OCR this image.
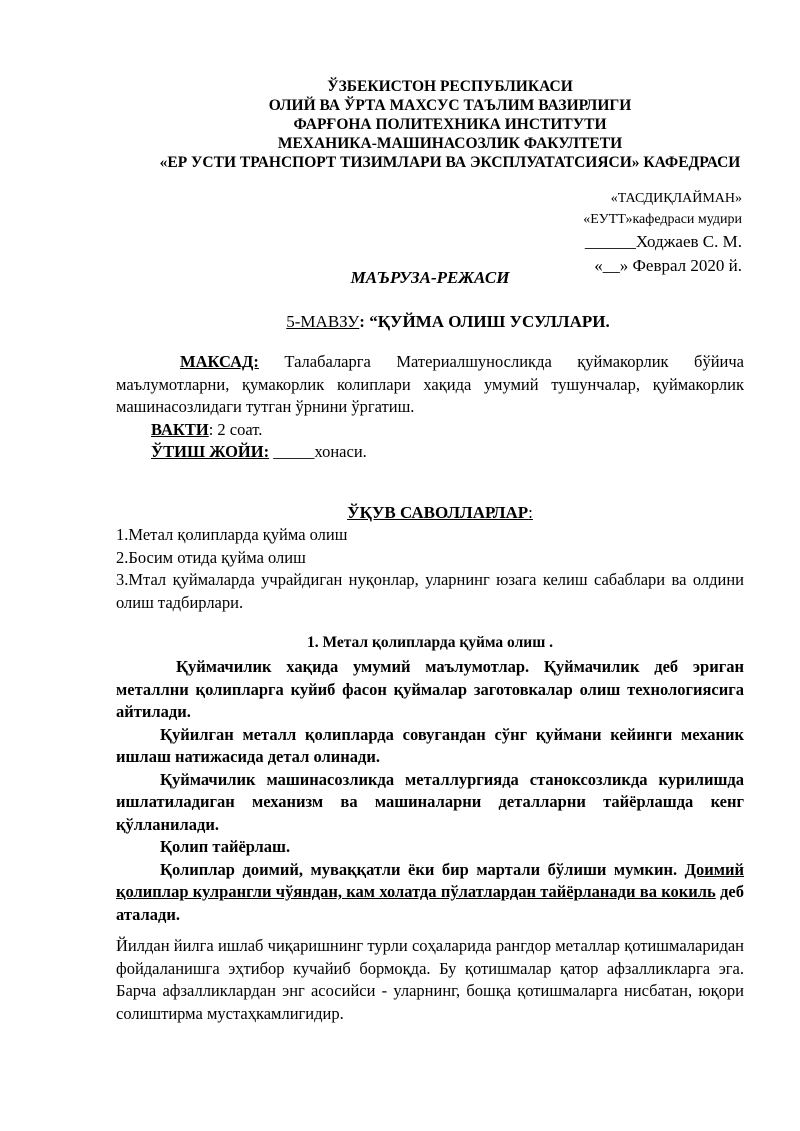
ЎЗБЕКИСТОН РЕСПУБЛИКАСИ
ОЛИЙ ВА ЎРТА МАХСУС ТАЪЛИМ ВАЗИРЛИГИ
ФАРҒОНА ПОЛИТЕХНИКА ИНСТИТУТИ
МЕХАНИКА-МАШИНАСОЗЛИК ФАКУЛТЕТИ
«ЕР УСТИ ТРАНСПОРТ ТИЗИМЛАРИ ВА ЭКСПЛУАТАТСИЯСИ» КАФЕДРАСИ
«ТАСДИҚЛАЙМАН»
«ЕУТТ»кафедраси мудири
______Ходжаев С. М.
«__» Феврал 2020 й.
МАЪРУЗА-РЕЖАСИ
5-МАВЗУ: “ҚУЙМА ОЛИШ УСУЛЛАРИ.

МАКСАД: Талабаларга Материалшуносликда қуймакорлик бўйича маълумотларни, қумакорлик колиплари хақида умумий тушунчалар, қуймакорлик машинасозлидаги тутган ўрнини ўргатиш.

ВАКТИ: 2 соат.

ЎТИШ ЖОЙИ: _____хонаси.

ЎҚУВ САВОЛЛАРЛАР:

1.Метал қолипларда қуйма олиш

2.Босим отида қуйма олиш

3.Мтал қуймаларда учрайдиган нуқонлар, уларнинг юзага келиш сабаблари ва олдини олиш тадбирлари.

1. Метал қолипларда қуйма олиш .

Қуймачилик хақида умумий маълумотлар. Қуймачилик деб эриган металлни қолипларга куйиб фасон қуймалар заготовкалар олиш технологиясига айтилади.

Қуйилган металл қолипларда совугандан сўнг қуймани кейинги механик ишлаш натижасида детал олинади.

Қуймачилик машинасозликда металлургияда станоксозликда курилишда ишлатиладиган механизм ва машиналарни деталларни тайёрлашда кенг қўлланилади.

Қолип тайёрлаш.

Қолиплар доимий, муваққатли ёки бир мартали бўлиши мумкин. Доимий қолиплар кулрангли чўяндан, кам холатда пўлатлардан тайёрланади ва кокиль деб аталади.

Йилдан йилга ишлаб чиқаришнинг турли соҳаларида рангдор металлар қотишмаларидан фойдаланишга эҳтибор кучайиб бормоқда. Бу қотишмалар қатор афзалликларга эга. Барча афзалликлардан энг асосийси - уларнинг, бошқа қотишмаларга нисбатан, юқори солиштирма мустаҳкамлигидир.
